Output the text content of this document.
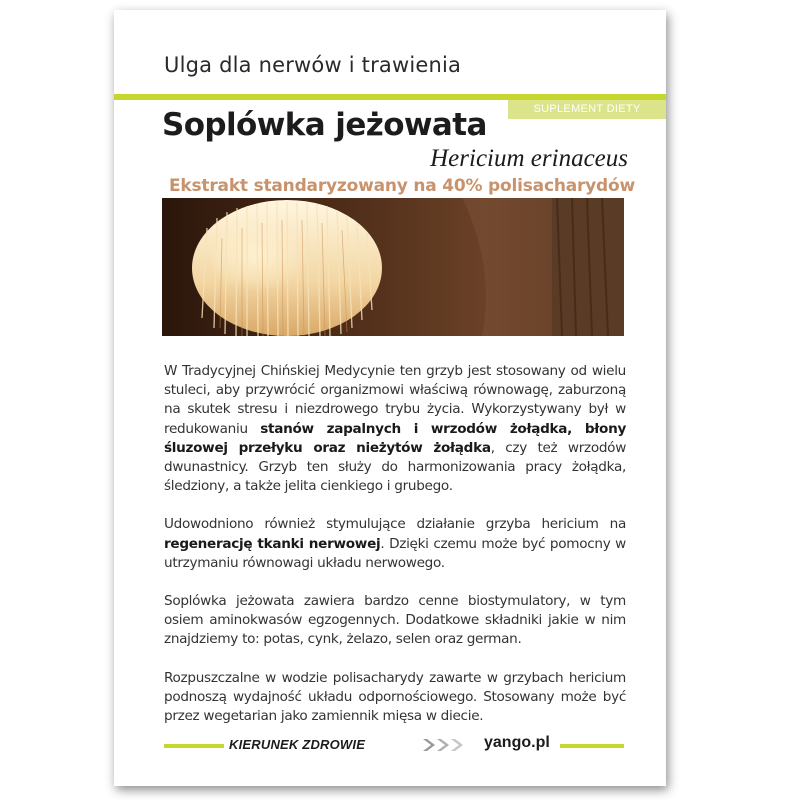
Ulga dla nerwów i trawienia
SUPLEMENT DIETY
Soplówka jeżowata
Hericium erinaceus
Ekstrakt standaryzowany na 40% polisacharydów

W Tradycyjnej Chińskiej Medycynie ten grzyb jest stosowany od wielu stuleci, aby przywrócić organizmowi właściwą równowagę, zaburzoną na skutek stresu i niezdrowego trybu życia. Wykorzystywany był w redukowaniu stanów zapalnych i wrzodów żołądka, błony śluzowej przełyku oraz nieżytów żołądka, czy też wrzodów dwunastnicy. Grzyb ten służy do harmonizowania pracy żołądka, śledziony, a także jelita cienkiego i grubego.

Udowodniono również stymulujące działanie grzyba hericium na regenerację tkanki nerwowej. Dzięki czemu może być pomocny w utrzymaniu równowagi układu nerwowego.

Soplówka jeżowata zawiera bardzo cenne biostymulatory, w tym osiem aminokwasów egzogennych. Dodatkowe składniki jakie w nim znajdziemy to: potas, cynk, żelazo, selen oraz german.

Rozpuszczalne w wodzie polisacharydy zawarte w grzybach hericium podnoszą wydajność układu odpornościowego. Stosowany może być przez wegetarian jako zamiennik mięsa w diecie.

KIERUNEK ZDROWIE	yango.pl
